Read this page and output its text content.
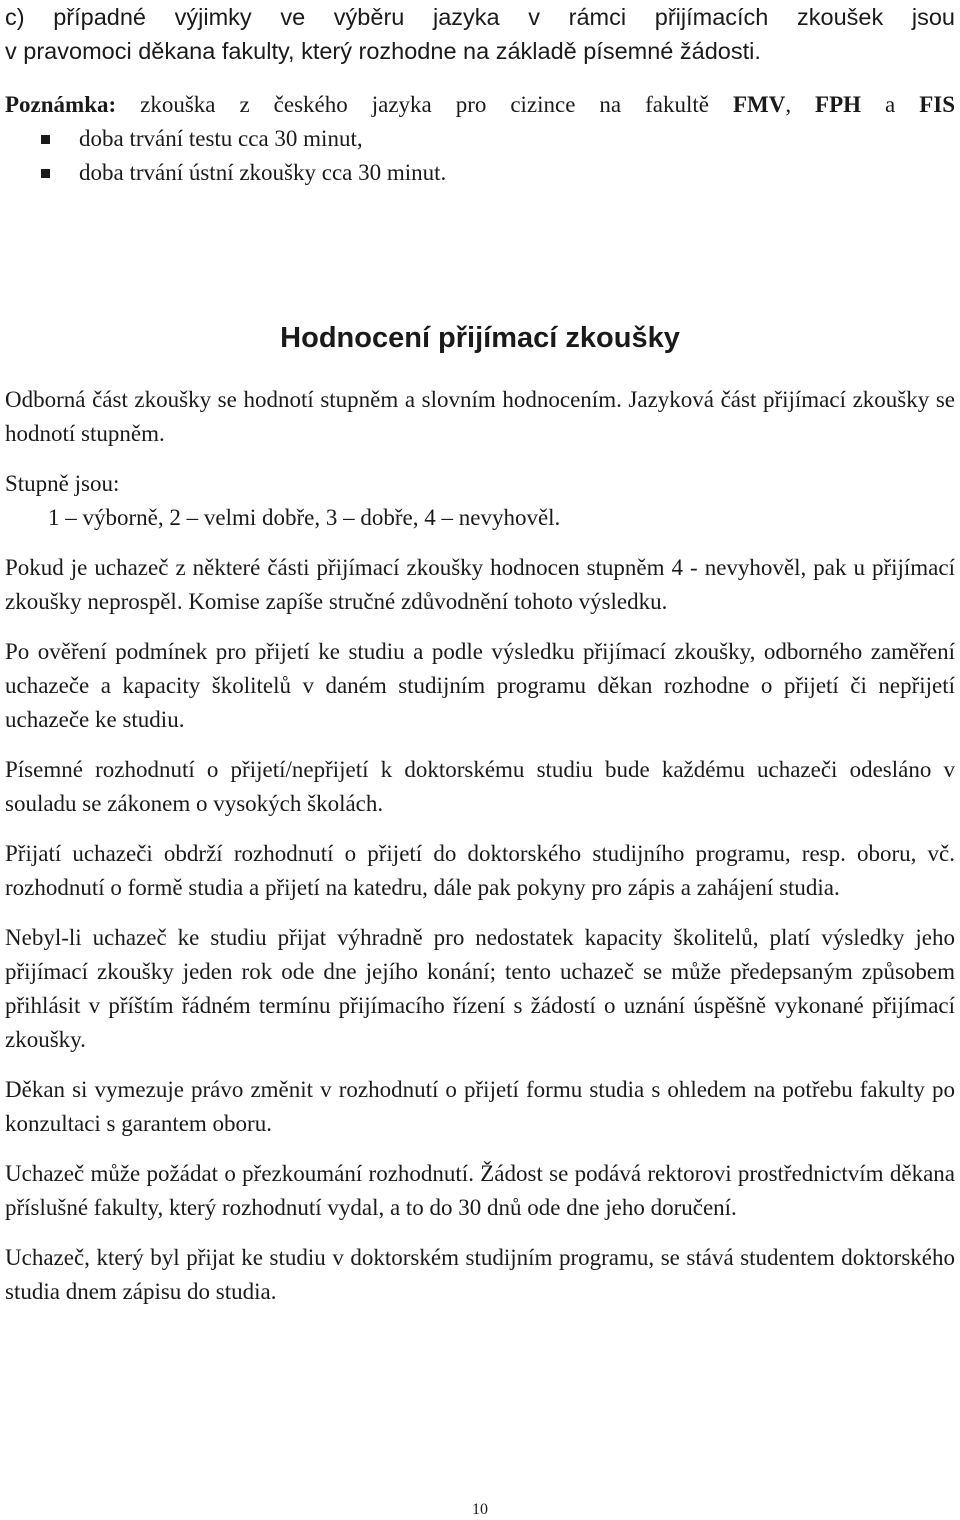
c) případné výjimky ve výběru jazyka v rámci přijímacích zkoušek jsou
v pravomoci děkana fakulty, který rozhodne na základě písemné žádosti.
Poznámka: zkouška z českého jazyka pro cizince na fakultě FMV, FPH a FIS
doba trvání testu cca 30 minut,
doba trvání ústní zkoušky cca 30 minut.
Hodnocení přijímací zkoušky

Odborná část zkoušky se hodnotí stupněm a slovním hodnocením. Jazyková část přijímací zkoušky se hodnotí stupněm.

Stupně jsou:
1 – výborně, 2 – velmi dobře, 3 – dobře, 4 – nevyhověl.

Pokud je uchazeč z některé části přijímací zkoušky hodnocen stupněm 4 - nevyhověl, pak u přijímací zkoušky neprospěl. Komise zapíše stručné zdůvodnění tohoto výsledku.

Po ověření podmínek pro přijetí ke studiu a podle výsledku přijímací zkoušky, odborného zaměření uchazeče a kapacity školitelů v daném studijním programu děkan rozhodne o přijetí či nepřijetí uchazeče ke studiu.

Písemné rozhodnutí o přijetí/nepřijetí k doktorskému studiu bude každému uchazeči odesláno v souladu se zákonem o vysokých školách.

Přijatí uchazeči obdrží rozhodnutí o přijetí do doktorského studijního programu, resp. oboru, vč. rozhodnutí o formě studia a přijetí na katedru, dále pak pokyny pro zápis a zahájení studia.

Nebyl-li uchazeč ke studiu přijat výhradně pro nedostatek kapacity školitelů, platí výsledky jeho přijímací zkoušky jeden rok ode dne jejího konání; tento uchazeč se může předepsaným způsobem přihlásit v příštím řádném termínu přijímacího řízení s žádostí o uznání úspěšně vykonané přijímací zkoušky.

Děkan si vymezuje právo změnit v rozhodnutí o přijetí formu studia s ohledem na potřebu fakulty po konzultaci s garantem oboru.

Uchazeč může požádat o přezkoumání rozhodnutí. Žádost se podává rektorovi prostřednictvím děkana příslušné fakulty, který rozhodnutí vydal, a to do 30 dnů ode dne jeho doručení.

Uchazeč, který byl přijat ke studiu v doktorském studijním programu, se stává studentem doktorského studia dnem zápisu do studia.

10
